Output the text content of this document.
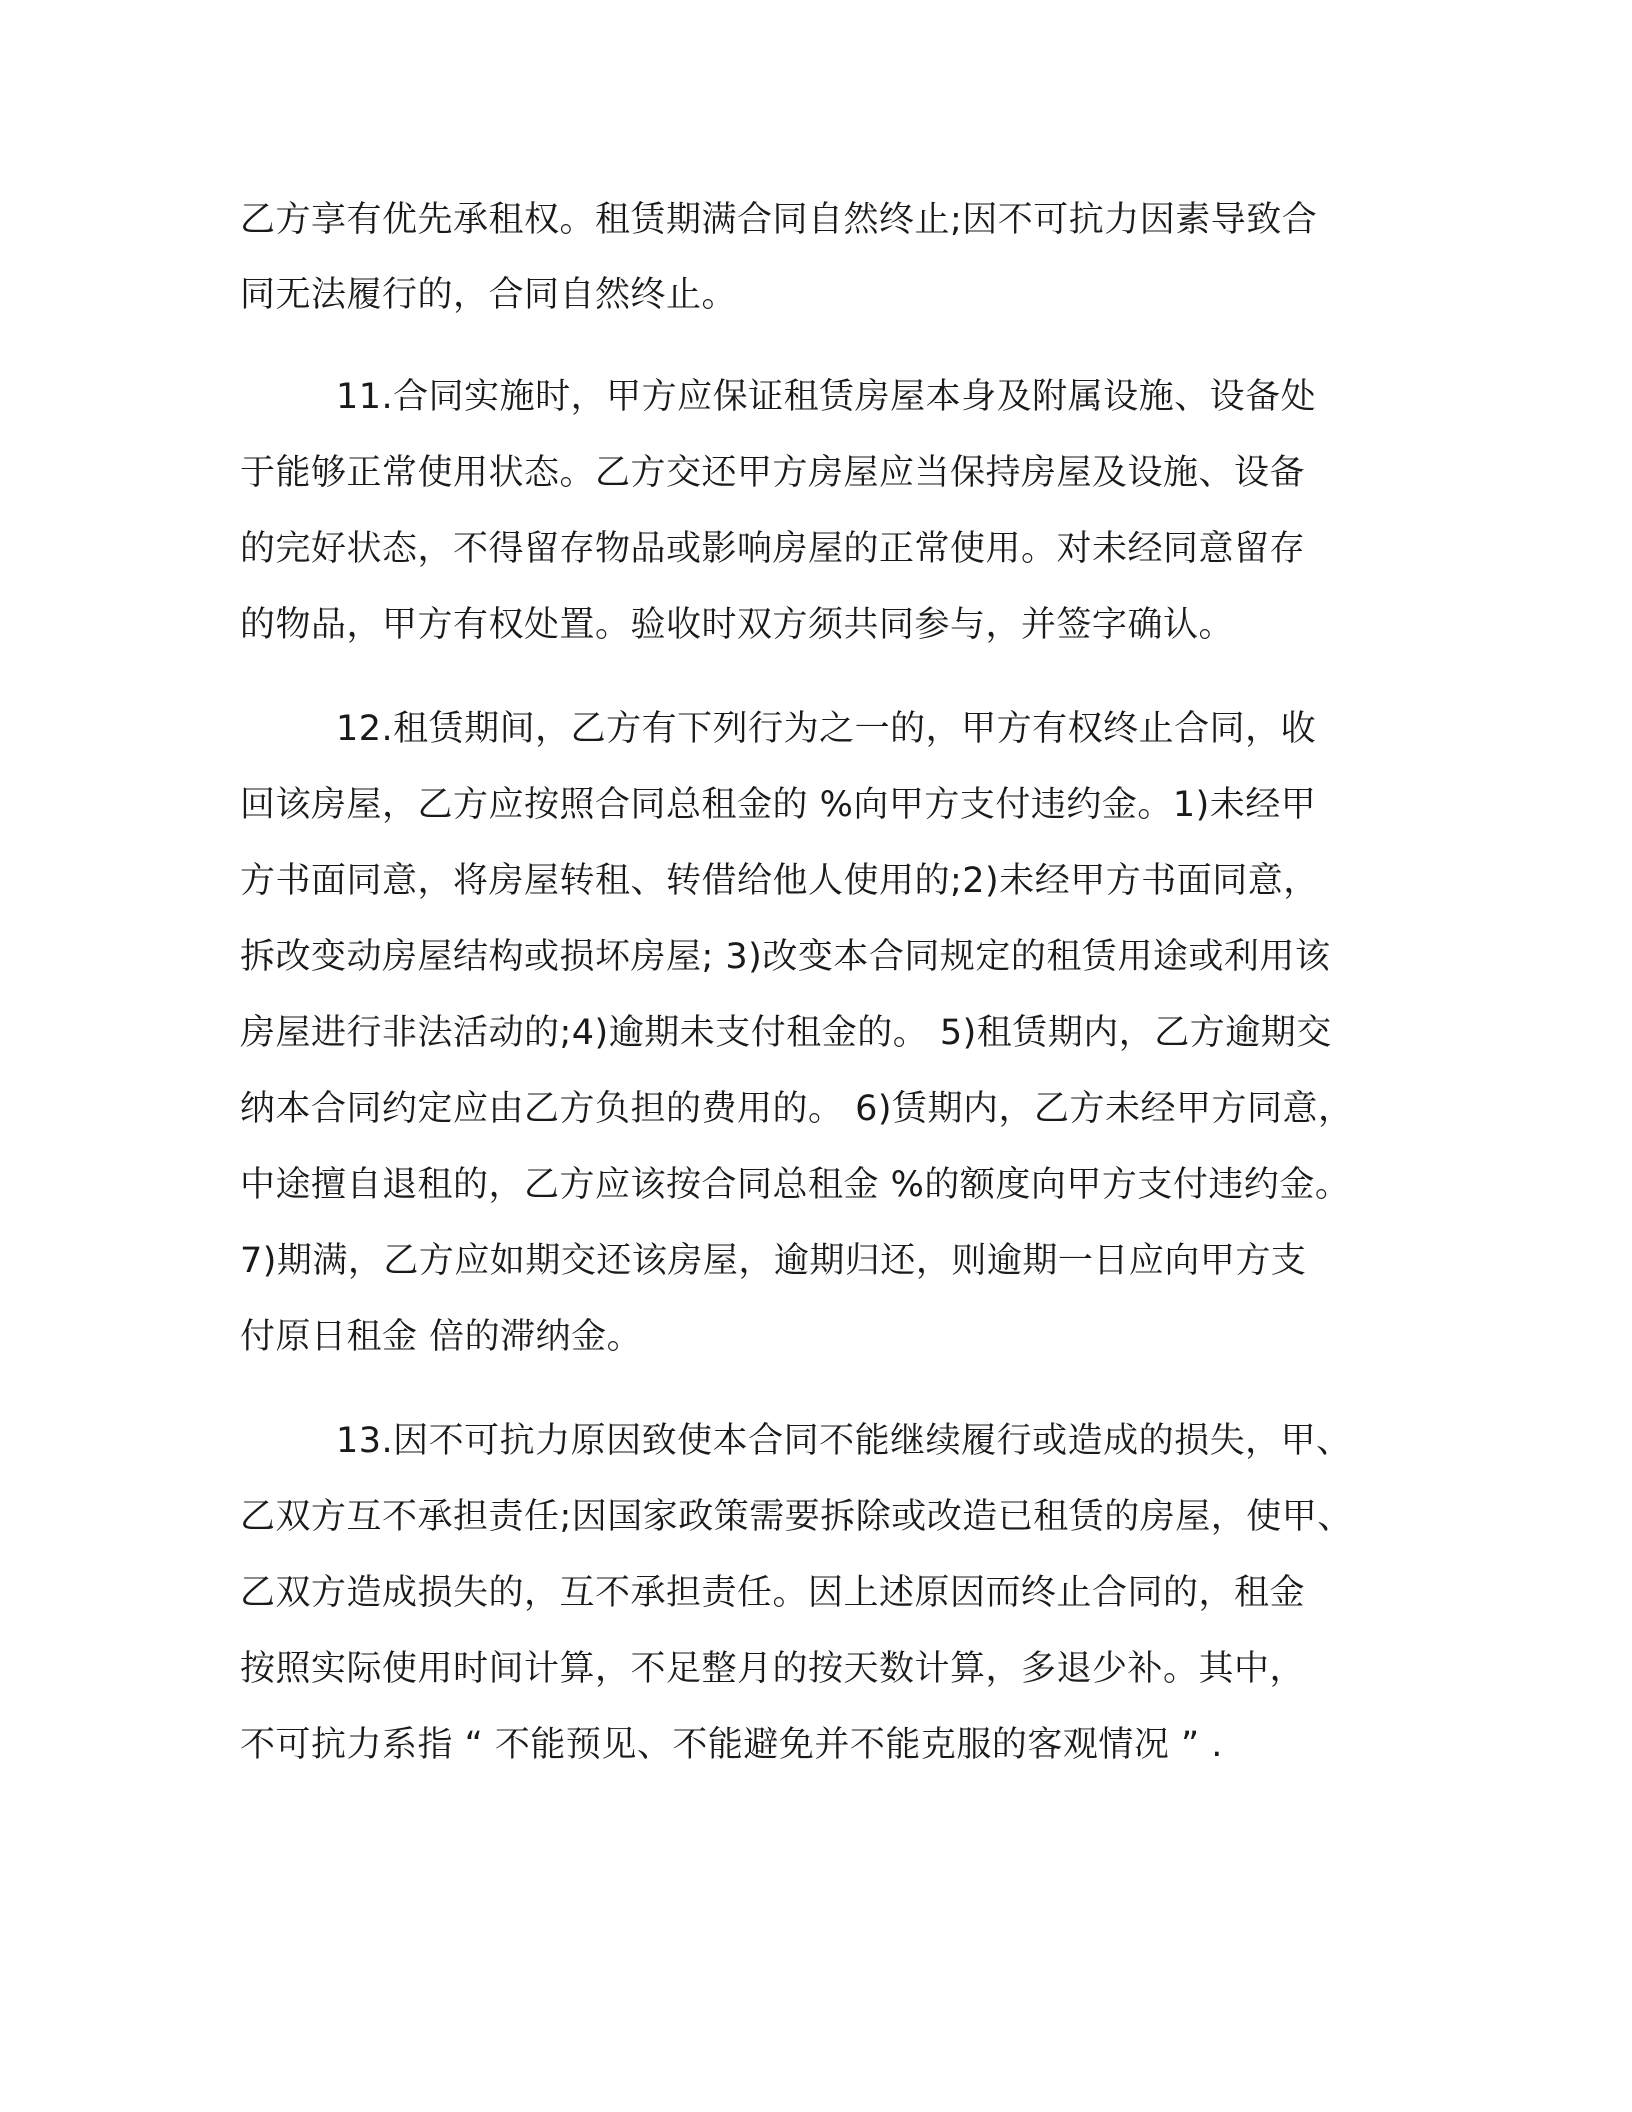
乙方享有优先承租权。租赁期满合同自然终止;因不可抗力因素导致合
同无法履行的，合同自然终止。
11.合同实施时，甲方应保证租赁房屋本身及附属设施、设备处
于能够正常使用状态。乙方交还甲方房屋应当保持房屋及设施、设备
的完好状态，不得留存物品或影响房屋的正常使用。对未经同意留存
的物品，甲方有权处置。验收时双方须共同参与，并签字确认。
12.租赁期间，乙方有下列行为之一的，甲方有权终止合同，收
回该房屋，乙方应按照合同总租金的 %向甲方支付违约金。1)未经甲
方书面同意，将房屋转租、转借给他人使用的;2)未经甲方书面同意，
拆改变动房屋结构或损坏房屋; 3)改变本合同规定的租赁用途或利用该
房屋进行非法活动的;4)逾期未支付租金的。 5)租赁期内，乙方逾期交
纳本合同约定应由乙方负担的费用的。 6)赁期内，乙方未经甲方同意，
中途擅自退租的，乙方应该按合同总租金 %的额度向甲方支付违约金。
7)期满，乙方应如期交还该房屋，逾期归还，则逾期一日应向甲方支
付原日租金 倍的滞纳金。
13.因不可抗力原因致使本合同不能继续履行或造成的损失，甲、
乙双方互不承担责任;因国家政策需要拆除或改造已租赁的房屋，使甲、
乙双方造成损失的，互不承担责任。因上述原因而终止合同的，租金
按照实际使用时间计算，不足整月的按天数计算，多退少补。其中，
不可抗力系指 “ 不能预见、不能避免并不能克服的客观情况 ” .
